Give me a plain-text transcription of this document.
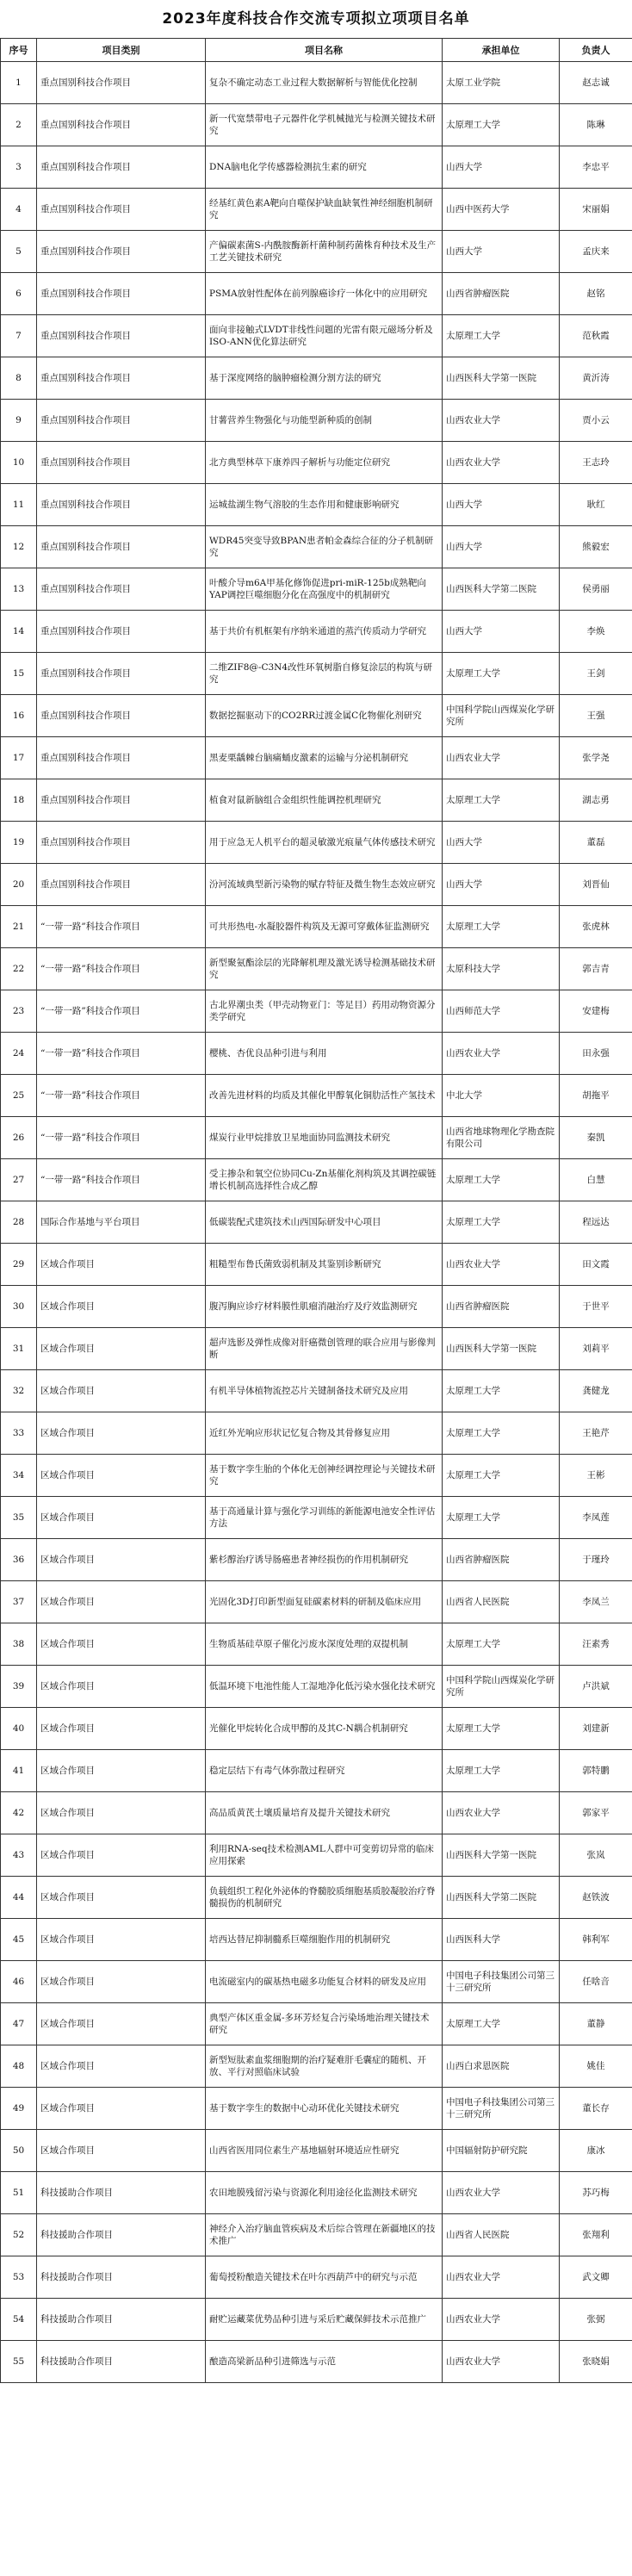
2023年度科技合作交流专项拟立项项目名单
序号	项目类别	项目名称	承担单位	负责人
1	重点国别科技合作项目	复杂不确定动态工业过程大数据解析与智能优化控制	太原工业学院	赵志诚
2	重点国别科技合作项目	新一代宽禁带电子元器件化学机械抛光与检测关键技术研究	太原理工大学	陈琳
3	重点国别科技合作项目	DNA脑电化学传感器检测抗生素的研究	山西大学	李忠平
4	重点国别科技合作项目	经基红黄色素A靶向自噬保护缺血缺氧性神经细胞机制研究	山西中医药大学	宋丽娟
5	重点国别科技合作项目	产偏碳素菌S-内酰胺酶新杆菌种制药菌株育种技术及生产工艺关键技术研究	山西大学	孟庆来
6	重点国别科技合作项目	PSMA放射性配体在前列腺癌诊疗一体化中的应用研究	山西省肿瘤医院	赵铭
7	重点国别科技合作项目	面向非接触式LVDT非线性问题的光雷有限元磁场分析及ISO-ANN优化算法研究	太原理工大学	范秋霞
8	重点国别科技合作项目	基于深度网络的脑肿瘤检测分割方法的研究	山西医科大学第一医院	黄沂涛
9	重点国别科技合作项目	甘薯营养生物强化与功能型新种质的创制	山西农业大学	贾小云
10	重点国别科技合作项目	北方典型林草下康养四子解析与功能定位研究	山西农业大学	王志玲
11	重点国别科技合作项目	运城盐湖生物气溶胶的生态作用和健康影响研究	山西大学	耿红
12	重点国别科技合作项目	WDR45突变导致BPAN患者帕金森综合征的分子机制研究	山西大学	熊毅宏
13	重点国别科技合作项目	叶酸介导m6A甲基化修饰促进pri-miR-125b成熟靶向YAP调控巨噬细胞分化在高强度中的机制研究	山西医科大学第二医院	侯勇丽
14	重点国别科技合作项目	基于共价有机框架有序纳米通道的蒸汽传质动力学研究	山西大学	李焕
15	重点国别科技合作项目	二维ZIF8@-C3N4改性环氧树脂自修复涂层的构筑与研究	太原理工大学	王剑
16	重点国别科技合作项目	数据挖掘驱动下的CO2RR过渡金属C化物催化剂研究	中国科学院山西煤炭化学研究所	王强
17	重点国别科技合作项目	黑麦栗龋棘台脑痛蛹皮激素的运输与分泌机制研究	山西农业大学	张学尧
18	重点国别科技合作项目	植食对鼠新脑组合金组织性能调控机理研究	太原理工大学	湖志勇
19	重点国别科技合作项目	用于应急无人机平台的超灵敏激光痕量气体传感技术研究	山西大学	董磊
20	重点国别科技合作项目	汾河流域典型新污染物的赋存特征及微生物生态效应研究	山西大学	刘晋仙
21	“一带一路”科技合作项目	可共形热电-水凝胶器件构筑及无源可穿戴体征监测研究	太原理工大学	张虎林
22	“一带一路”科技合作项目	新型聚氨酯涂层的光降解机理及激光诱导检测基础技术研究	太原科技大学	郭吉青
23	“一带一路”科技合作项目	古北界潮虫类（甲壳动物亚门：等足目）药用动物资源分类学研究	山西师范大学	安建梅
24	“一带一路”科技合作项目	樱桃、杏优良品种引进与利用	山西农业大学	田永强
25	“一带一路”科技合作项目	改善先进材料的均质及其催化甲醇氧化铜肋活性产氢技术	中北大学	胡拖平
26	“一带一路”科技合作项目	煤炭行业甲烷排放卫星地面协同监测技术研究	山西省地球物理化学勘查院有限公司	秦凯
27	“一带一路”科技合作项目	受主掺杂和氧空位协同Cu-Zn基催化剂构筑及其调控碳链增长机制高选择性合成乙醇	太原理工大学	白慧
28	国际合作基地与平台项目	低碳装配式建筑技术山西国际研发中心项目	太原理工大学	程远达
29	区域合作项目	粗糙型布鲁氏菌致弱机制及其鉴别诊断研究	山西农业大学	田文霞
30	区域合作项目	腹泻胸应诊疗材料膜性肌瘤消融治疗及疗效监测研究	山西省肿瘤医院	于世平
31	区域合作项目	超声选影及弹性成像对肝癌微创管理的联合应用与影像判断	山西医科大学第一医院	刘莉平
32	区域合作项目	有机半导体植物流控芯片关键制备技术研究及应用	太原理工大学	龚健龙
33	区域合作项目	近红外光响应形状记忆复合物及其骨修复应用	太原理工大学	王艳芹
34	区域合作项目	基于数字孪生胎的个体化无创神经调控理论与关键技术研究	太原理工大学	王彬
35	区域合作项目	基于高通量计算与强化学习训练的新能源电池安全性评估方法	太原理工大学	李凤莲
36	区域合作项目	紫杉醇治疗诱导肠癌患者神经损伤的作用机制研究	山西省肿瘤医院	于瑾玲
37	区域合作项目	光固化3D打印新型面复硅碳素材料的研制及临床应用	山西省人民医院	李凤兰
38	区域合作项目	生物质基硅草原子催化污废水深度处理的双提机制	太原理工大学	汪素秀
39	区域合作项目	低温环境下电池性能人工湿地净化低污染水强化技术研究	中国科学院山西煤炭化学研究所	卢洪斌
40	区域合作项目	光催化甲烷转化合成甲醇的及其C-N耦合机制研究	太原理工大学	刘建新
41	区域合作项目	稳定层结下有毒气体弥散过程研究	太原理工大学	郭特鹏
42	区域合作项目	高品质黄芪土壤质量培育及提升关键技术研究	山西农业大学	郭家平
43	区域合作项目	利用RNA-seq技术检测AML人群中可变剪切异常的临床应用探索	山西医科大学第一医院	张岚
44	区域合作项目	负载组织工程化外泌体的脊髓胶质细胞基质胶凝胶治疗脊髓损伤的机制研究	山西医科大学第二医院	赵铁波
45	区域合作项目	培西达替尼抑制髓系巨噬细胞作用的机制研究	山西医科大学	韩利军
46	区域合作项目	电流磁室内的碳基热电磁多功能复合材料的研发及应用	中国电子科技集团公司第三十三研究所	任啥音
47	区域合作项目	典型产体区重金属-多环芳烃复合污染场地治理关键技术研究	太原理工大学	董静
48	区域合作项目	新型短肽素血浆细胞期的治疗疑难肝毛囊症的随机、开放、平行对照临床试验	山西白求恩医院	姚佳
49	区域合作项目	基于数字孪生的数据中心动环优化关键技术研究	中国电子科技集团公司第三十三研究所	董长存
50	区域合作项目	山西省医用同位素生产基地辐射环境适应性研究	中国辐射防护研究院	康冰
51	科技援助合作项目	农田地膜残留污染与资源化利用途径化监测技术研究	山西农业大学	苏巧梅
52	科技援助合作项目	神经介入治疗脑血管疾病及术后综合管理在新疆地区的技术推广	山西省人民医院	张翔利
53	科技援助合作项目	葡萄授粉酿造关键技术在叶尔西葫芦中的研究与示范	山西农业大学	武文卿
54	科技援助合作项目	耐贮运藏菜优势品种引进与采后贮藏保鲜技术示范推广	山西农业大学	张弼
55	科技援助合作项目	酿造高梁新品种引进筛选与示范	山西农业大学	张晓娟
